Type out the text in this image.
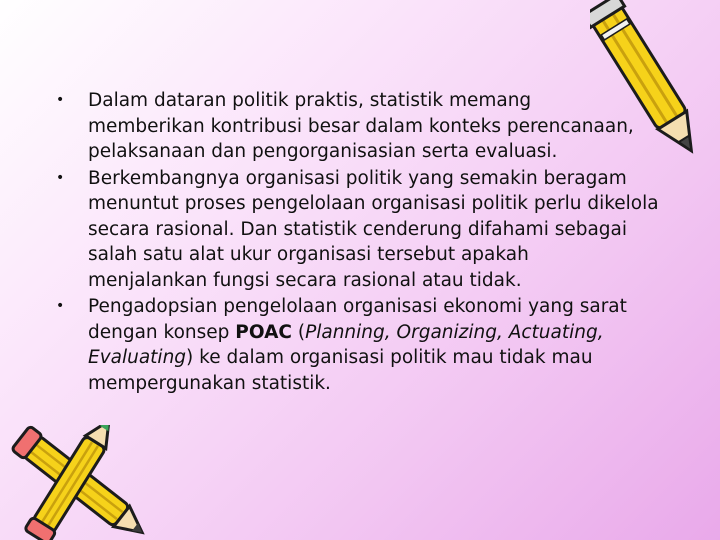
• Dalam dataran politik praktis, statistik memang
memberikan kontribusi besar dalam konteks perencanaan,
pelaksanaan dan pengorganisasian serta evaluasi.
• Berkembangnya organisasi politik yang semakin beragam
menuntut proses pengelolaan organisasi politik perlu dikelola
secara rasional. Dan statistik cenderung difahami sebagai
salah satu alat ukur organisasi tersebut apakah
menjalankan fungsi secara rasional atau tidak.
• Pengadopsian pengelolaan organisasi ekonomi yang sarat
dengan konsep POAC (Planning, Organizing, Actuating,
Evaluating) ke dalam organisasi politik mau tidak mau
mempergunakan statistik.
